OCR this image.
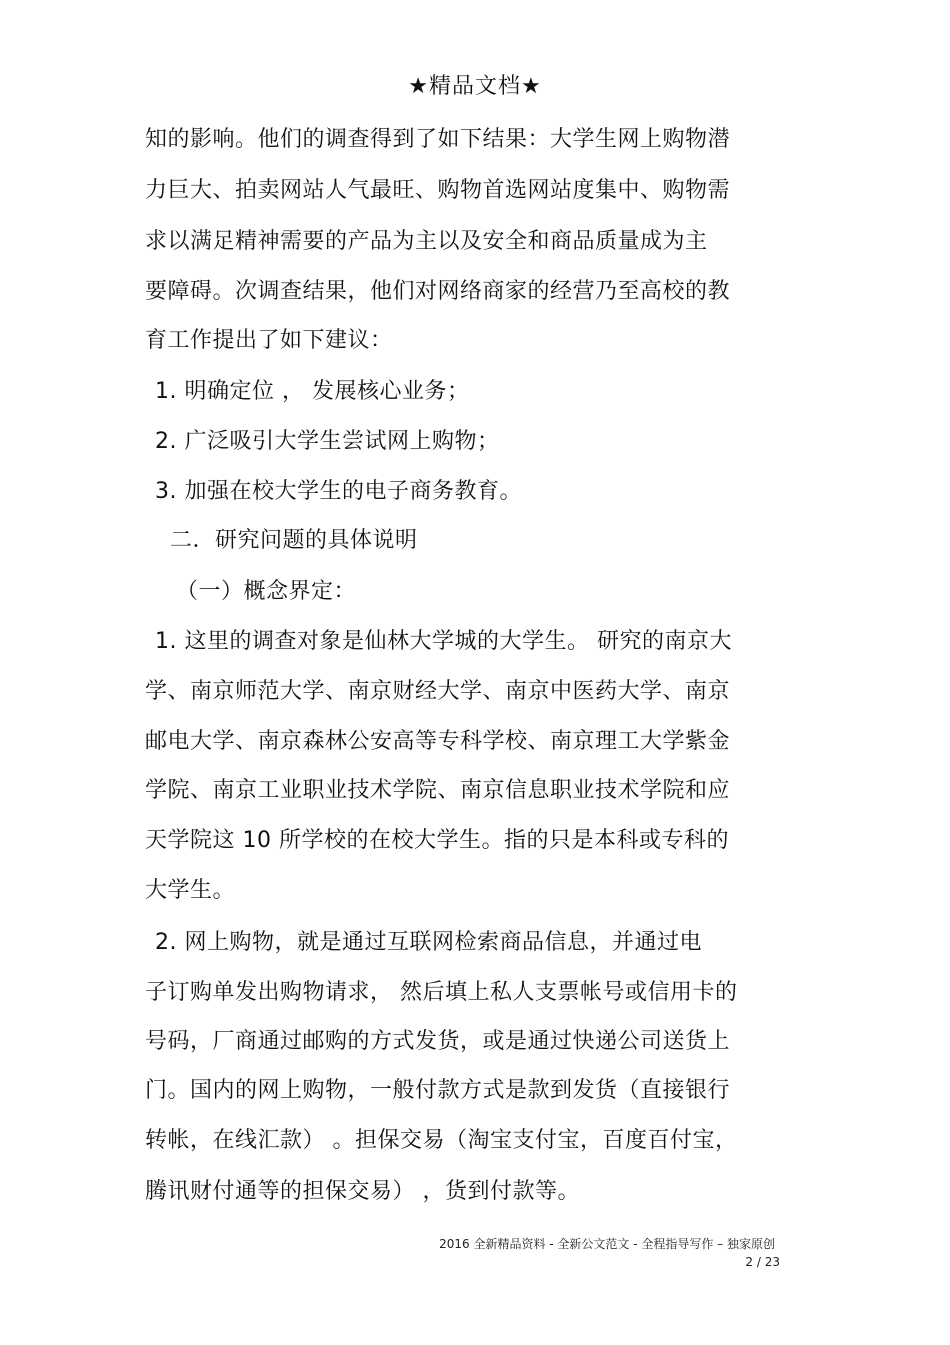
★精品文档★
知的影响。他们的调查得到了如下结果：大学生网上购物潜
力巨大、拍卖网站人气最旺、购物首选网站度集中、购物需
求以满足精神需要的产品为主以及安全和商品质量成为主
要障碍。次调查结果，他们对网络商家的经营乃至高校的教
育工作提出了如下建议：
1. 明确定位 ， 发展核心业务；
2. 广泛吸引大学生尝试网上购物；
3. 加强在校大学生的电子商务教育。
二．研究问题的具体说明
（一）概念界定：
1. 这里的调查对象是仙林大学城的大学生。 研究的南京大
学、南京师范大学、南京财经大学、南京中医药大学、南京
邮电大学、南京森林公安高等专科学校、南京理工大学紫金
学院、南京工业职业技术学院、南京信息职业技术学院和应
天学院这 10 所学校的在校大学生。指的只是本科或专科的
大学生。
2. 网上购物，就是通过互联网检索商品信息，并通过电
子订购单发出购物请求， 然后填上私人支票帐号或信用卡的
号码，厂商通过邮购的方式发货，或是通过快递公司送货上
门。国内的网上购物，一般付款方式是款到发货（直接银行
转帐，在线汇款） 。担保交易（淘宝支付宝，百度百付宝，
腾讯财付通等的担保交易） ，货到付款等。
2016 全新精品资料 - 全新公文范文 - 全程指导写作 – 独家原创
2 / 23
